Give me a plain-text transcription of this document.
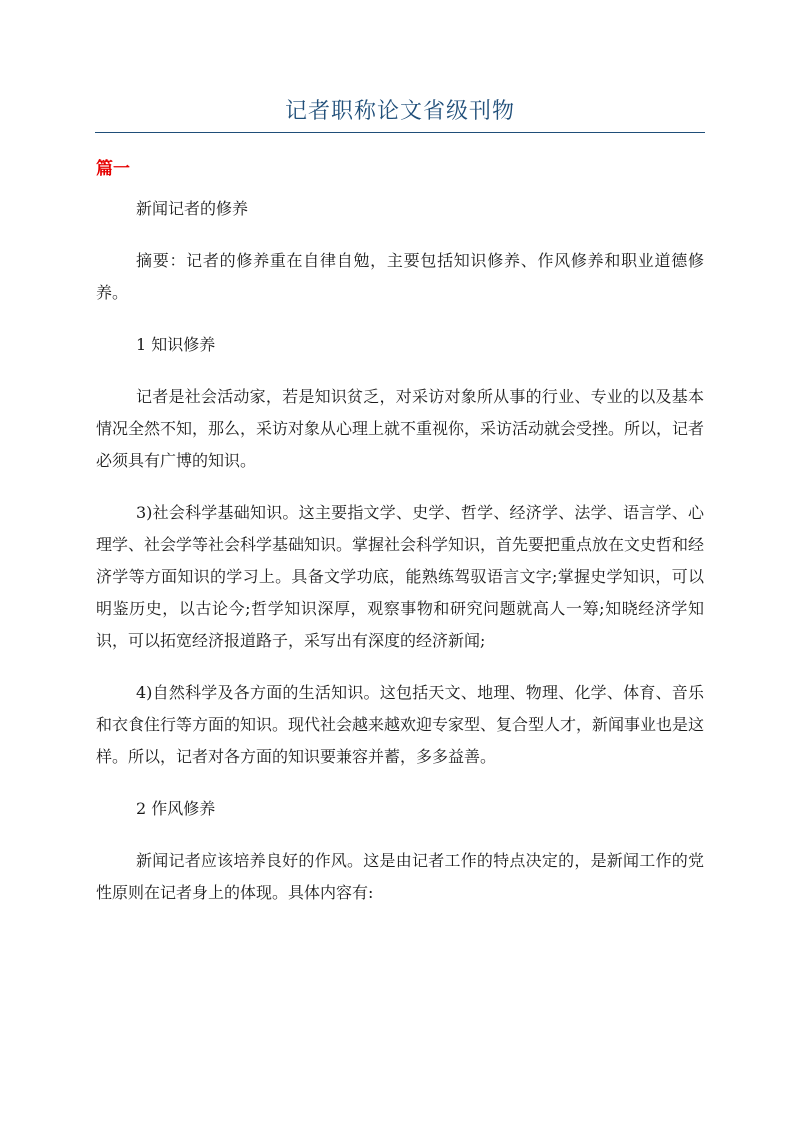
记者职称论文省级刊物
篇一

新闻记者的修养

摘要：记者的修养重在自律自勉，主要包括知识修养、作风修养和职业道德修养。

1 知识修养

记者是社会活动家，若是知识贫乏，对采访对象所从事的行业、专业的以及基本情况全然不知，那么，采访对象从心理上就不重视你，采访活动就会受挫。所以，记者必须具有广博的知识。

3)社会科学基础知识。这主要指文学、史学、哲学、经济学、法学、语言学、心理学、社会学等社会科学基础知识。掌握社会科学知识，首先要把重点放在文史哲和经济学等方面知识的学习上。具备文学功底，能熟练驾驭语言文字;掌握史学知识，可以明鉴历史，以古论今;哲学知识深厚，观察事物和研究问题就高人一筹;知晓经济学知识，可以拓宽经济报道路子，采写出有深度的经济新闻;

4)自然科学及各方面的生活知识。这包括天文、地理、物理、化学、体育、音乐和衣食住行等方面的知识。现代社会越来越欢迎专家型、复合型人才，新闻事业也是这样。所以，记者对各方面的知识要兼容并蓄，多多益善。

2 作风修养

新闻记者应该培养良好的作风。这是由记者工作的特点决定的，是新闻工作的党性原则在记者身上的体现。具体内容有:
